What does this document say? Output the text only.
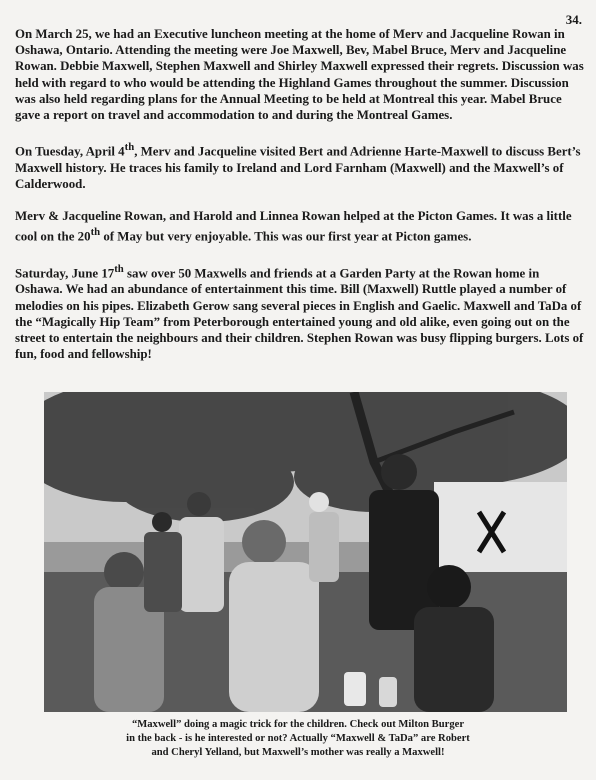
34.

On March 25, we had an Executive luncheon meeting at the home of Merv and Jacqueline Rowan in Oshawa, Ontario. Attending the meeting were Joe Maxwell, Bev, Mabel Bruce, Merv and Jacqueline Rowan. Debbie Maxwell, Stephen Maxwell and Shirley Maxwell expressed their regrets. Discussion was held with regard to who would be attending the Highland Games throughout the summer. Discussion was also held regarding plans for the Annual Meeting to be held at Montreal this year. Mabel Bruce gave a report on travel and accommodation to and during the Montreal Games.

On Tuesday, April 4th, Merv and Jacqueline visited Bert and Adrienne Harte-Maxwell to discuss Bert’s Maxwell history. He traces his family to Ireland and Lord Farnham (Maxwell) and the Maxwell’s of Calderwood.

Merv & Jacqueline Rowan, and Harold and Linnea Rowan helped at the Picton Games. It was a little cool on the 20th of May but very enjoyable. This was our first year at Picton games.

Saturday, June 17th saw over 50 Maxwells and friends at a Garden Party at the Rowan home in Oshawa. We had an abundance of entertainment this time. Bill (Maxwell) Ruttle played a number of melodies on his pipes. Elizabeth Gerow sang several pieces in English and Gaelic. Maxwell and TaDa of the “Magically Hip Team” from Peterborough entertained young and old alike, even going out on the street to entertain the neighbours and their children. Stephen Rowan was busy flipping burgers. Lots of fun, food and fellowship!

“Maxwell” doing a magic trick for the children. Check out Milton Burger

in the back - is he interested or not? Actually “Maxwell & TaDa” are Robert

and Cheryl Yelland, but Maxwell’s mother was really a Maxwell!
